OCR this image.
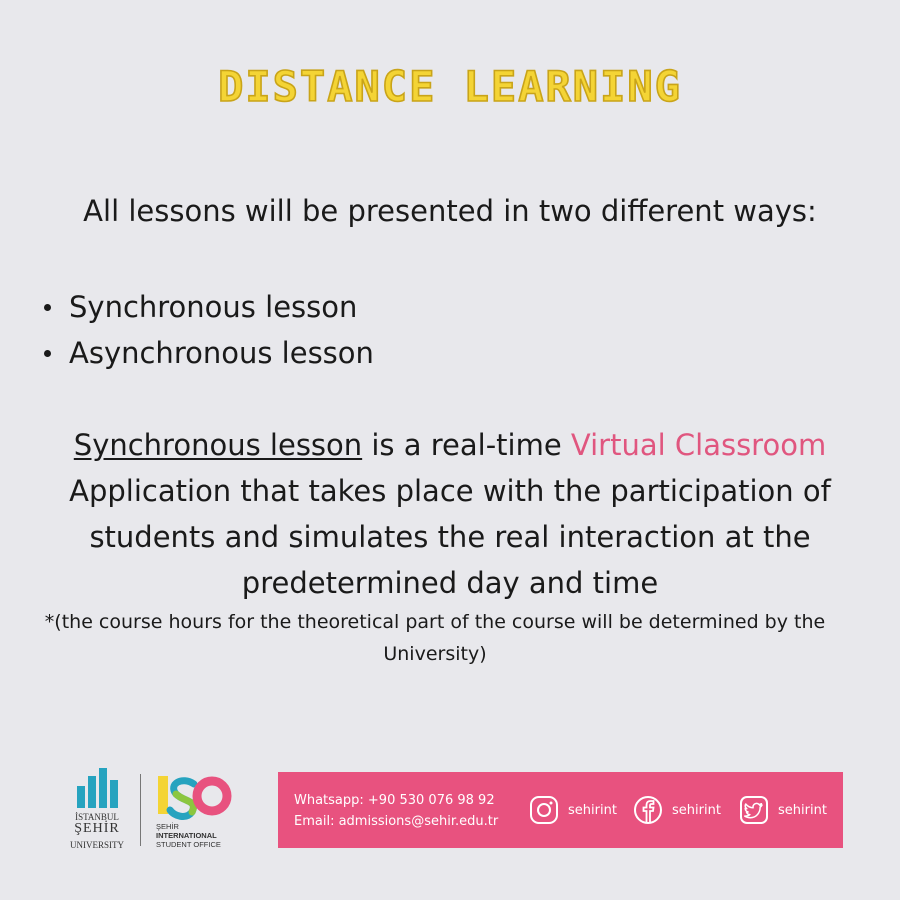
DISTANCE LEARNING
All lessons will be presented in two different ways:
Synchronous lesson
Asynchronous lesson
Synchronous lesson is a real-time Virtual Classroom Application that takes place with the participation of students and simulates the real interaction at the predetermined day and time
*(the course hours for the theoretical part of the course will be determined by the University)
İSTANBUL
ŞEHİR
UNIVERSITY
ŞEHİR
INTERNATIONAL
STUDENT OFFICE
Whatsapp: +90 530 076 98 92
Email: admissions@sehir.edu.tr
sehirint	sehirint	sehirint
